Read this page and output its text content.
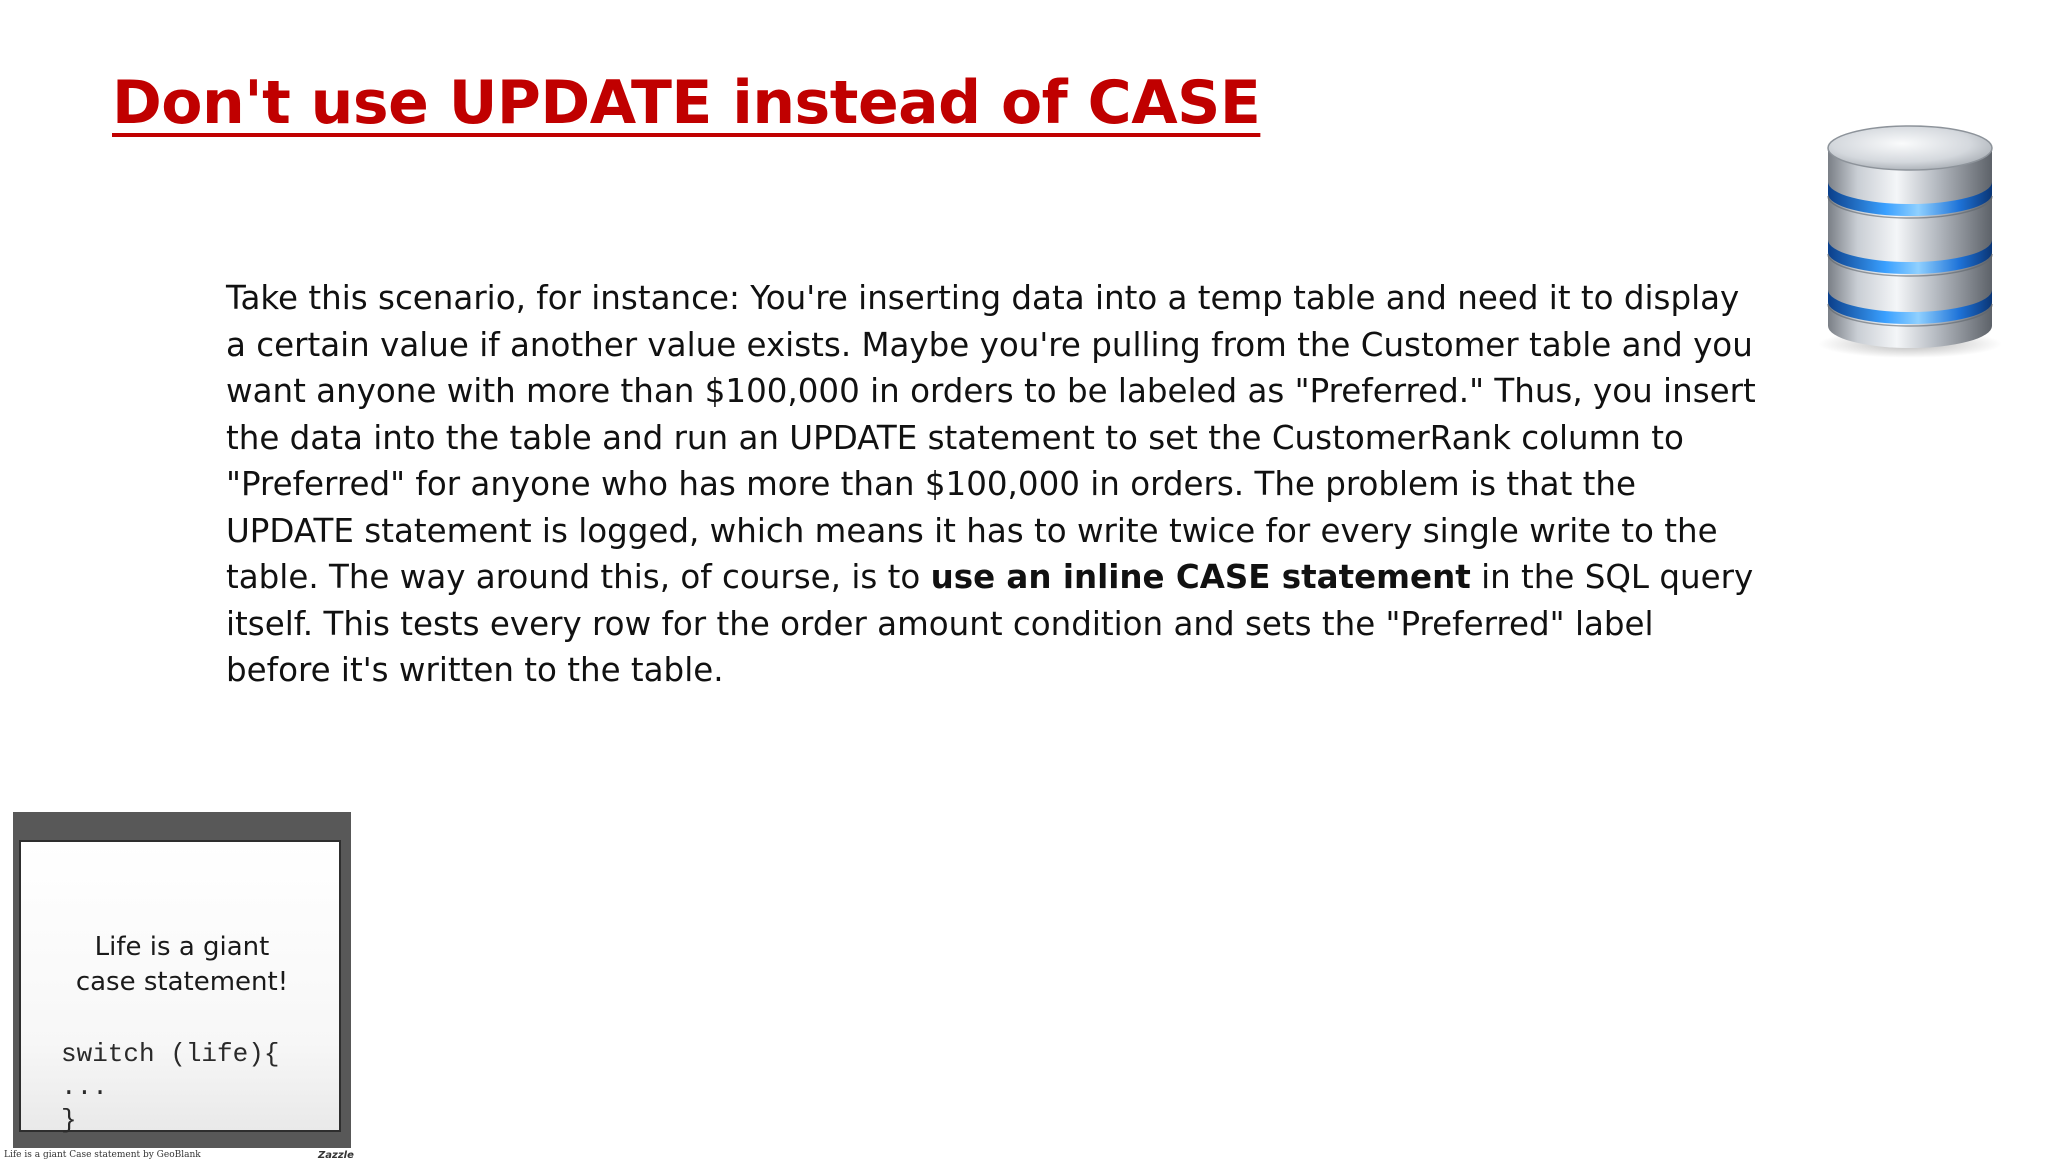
Don't use UPDATE instead of CASE

Take this scenario, for instance: You're inserting data into a temp table and need it to display a certain value if another value exists. Maybe you're pulling from the Customer table and you want anyone with more than $100,000 in orders to be labeled as "Preferred." Thus, you insert the data into the table and run an UPDATE statement to set the CustomerRank column to "Preferred" for anyone who has more than $100,000 in orders. The problem is that the UPDATE statement is logged, which means it has to write twice for every single write to the table. The way around this, of course, is to use an inline CASE statement in the SQL query itself. This tests every row for the order amount condition and sets the "Preferred" label before it's written to the table.

Life is a giant
case statement!
switch (life){
...
}
Life is a giant Case statement by GeoBlank	Zazzle
